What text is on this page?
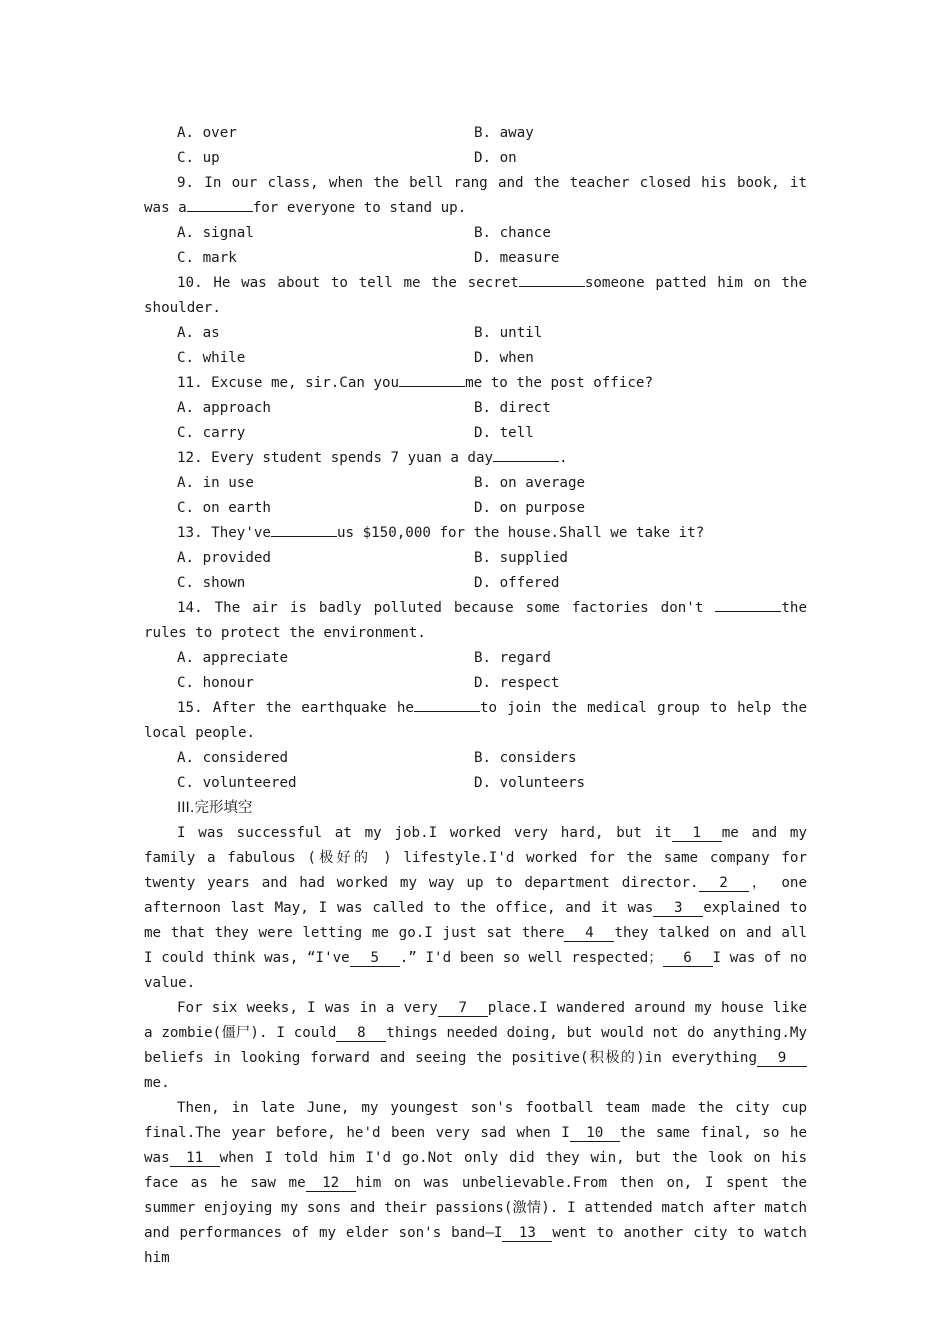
A. over	B. away
C. up	D. on

9. In our class, when the bell rang and the teacher closed his book, it was a	for everyone to stand up.

A. signal	B. chance
C. mark	D. measure

10. He was about to tell me the secret	someone patted him on the shoulder.

A. as	B. until
C. while	D. when

11. Excuse me, sir.Can you	me to the post office?

A. approach	B. direct
C. carry	D. tell

12. Every student spends 7 yuan a day	.

A. in use	B. on average
C. on earth	D. on purpose

13. They've	us $150,000 for the house.Shall we take it?

A. provided	B. supplied
C. shown	D. offered

14. The air is badly polluted because some factories don't	the rules to protect the environment.

A. appreciate	B. regard
C. honour	D. respect

15. After the earthquake he	to join the medical group to help the local people.

A. considered	B. considers
C. volunteered	D. volunteers

III.完形填空

I was successful at my job.I worked very hard, but it 1 me and my family a fabulous (极好的 ) lifestyle.I'd worked for the same company for twenty years and had worked my way up to department director. 2 ， one afternoon last May, I was called to the office, and it was 3 explained to me that they were letting me go.I just sat there 4 they talked on and all I could think was, “I've 5 .” I'd been so well respected； 6 I was of no value.

For six weeks, I was in a very 7 place.I wandered around my house like a zombie(僵尸). I could 8 things needed doing, but would not do anything.My beliefs in looking forward and seeing the positive(积极的)in everything 9me.

Then, in late June, my youngest son's football team made the city cup final.The year before, he'd been very sad when I 10 the same final, so he was 11 when I told him I'd go.Not only did they win, but the look on his face as he saw me 12 him on was unbelievable.From then on, I spent the summer enjoying my sons and their passions(激情). I attended match after match and performances of my elder son's band—I 13 went to another city to watch him
